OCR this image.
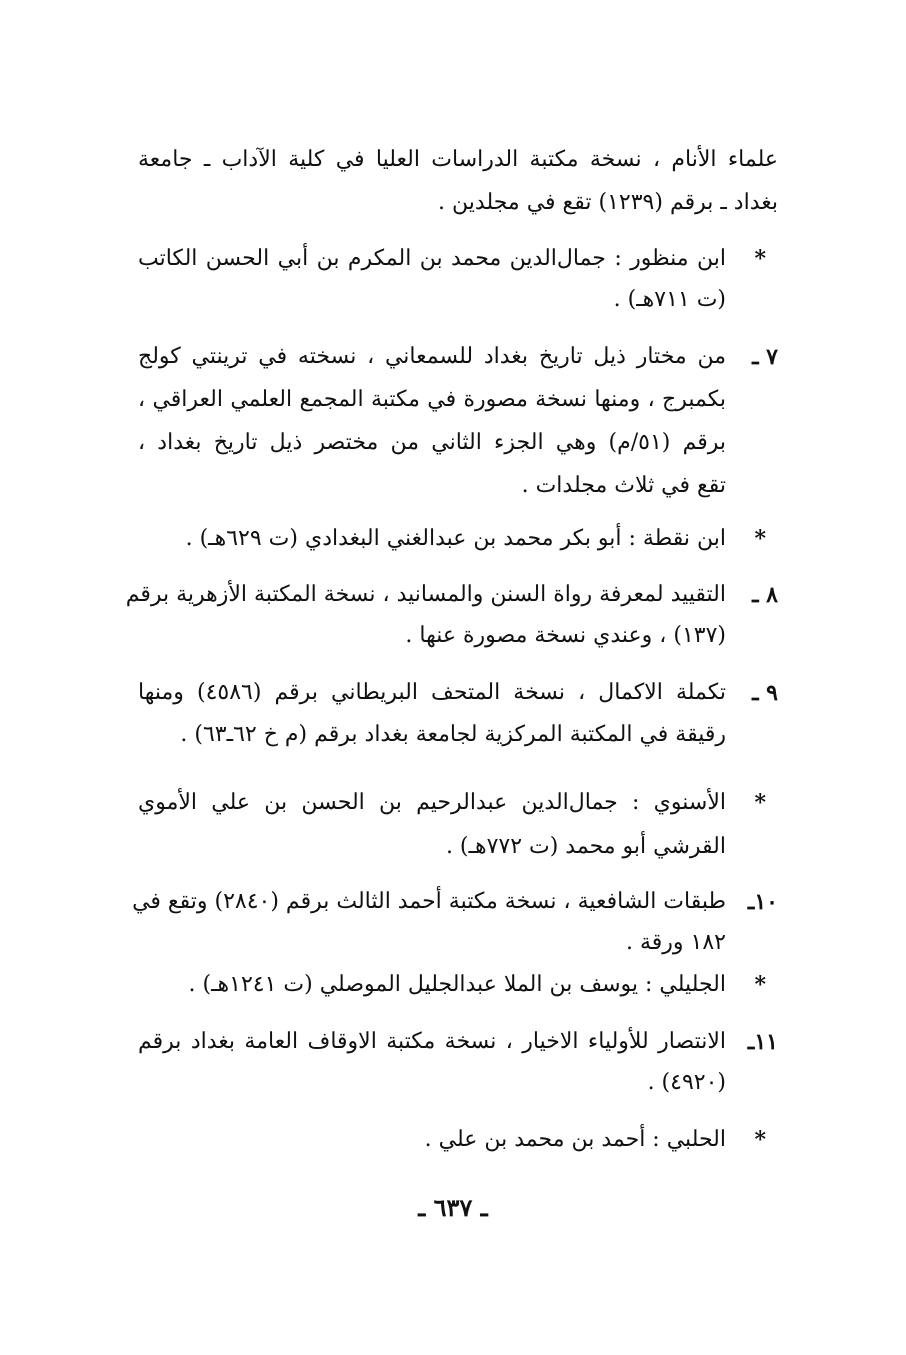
علماء الأنام ، نسخة مكتبة الدراسات العليا في كلية الآداب ـ جامعة
بغداد ـ برقم (١٢٣٩) تقع في مجلدين .
*
ابن منظور : جمال‌الدين محمد بن المكرم بن أبي الحسن الكاتب
(ت ٧١١هـ) .
٧ ـ
من مختار ذيل تاريخ بغداد للسمعاني ، نسخته في ترينتي كولج
بكمبرج ، ومنها نسخة مصورة في مكتبة المجمع العلمي العراقي ،
برقم (٥١/م) وهي الجزء الثاني من مختصر ذيل تاريخ بغداد ،
تقع في ثلاث مجلدات .
*
ابن نقطة : أبو بكر محمد بن عبدالغني البغدادي (ت ٦٢٩هـ) .
٨ ـ
التقييد لمعرفة رواة السنن والمسانيد ، نسخة المكتبة الأزهرية برقم
(١٣٧) ، وعندي نسخة مصورة عنها .
٩ ـ
تكملة الاكمال ، نسخة المتحف البريطاني برقم (٤٥٨٦) ومنها
رقيقة في المكتبة المركزية لجامعة بغداد برقم (م خ ٦٢ـ٦٣) .
*
الأسنوي : جمال‌الدين عبدالرحيم بن الحسن بن علي الأموي
القرشي أبو محمد (ت ٧٧٢هـ) .
١٠ـ
طبقات الشافعية ، نسخة مكتبة أحمد الثالث برقم (٢٨٤٠) وتقع في
١٨٢ ورقة .
*
الجليلي : يوسف بن الملا عبدالجليل الموصلي (ت ١٢٤١هـ) .
١١ـ
الانتصار للأولياء الاخيار ، نسخة مكتبة الاوقاف العامة بغداد برقم
(٤٩٢٠) .
*
الحلبي : أحمد بن محمد بن علي .
ـ ٦٣٧ ـ
